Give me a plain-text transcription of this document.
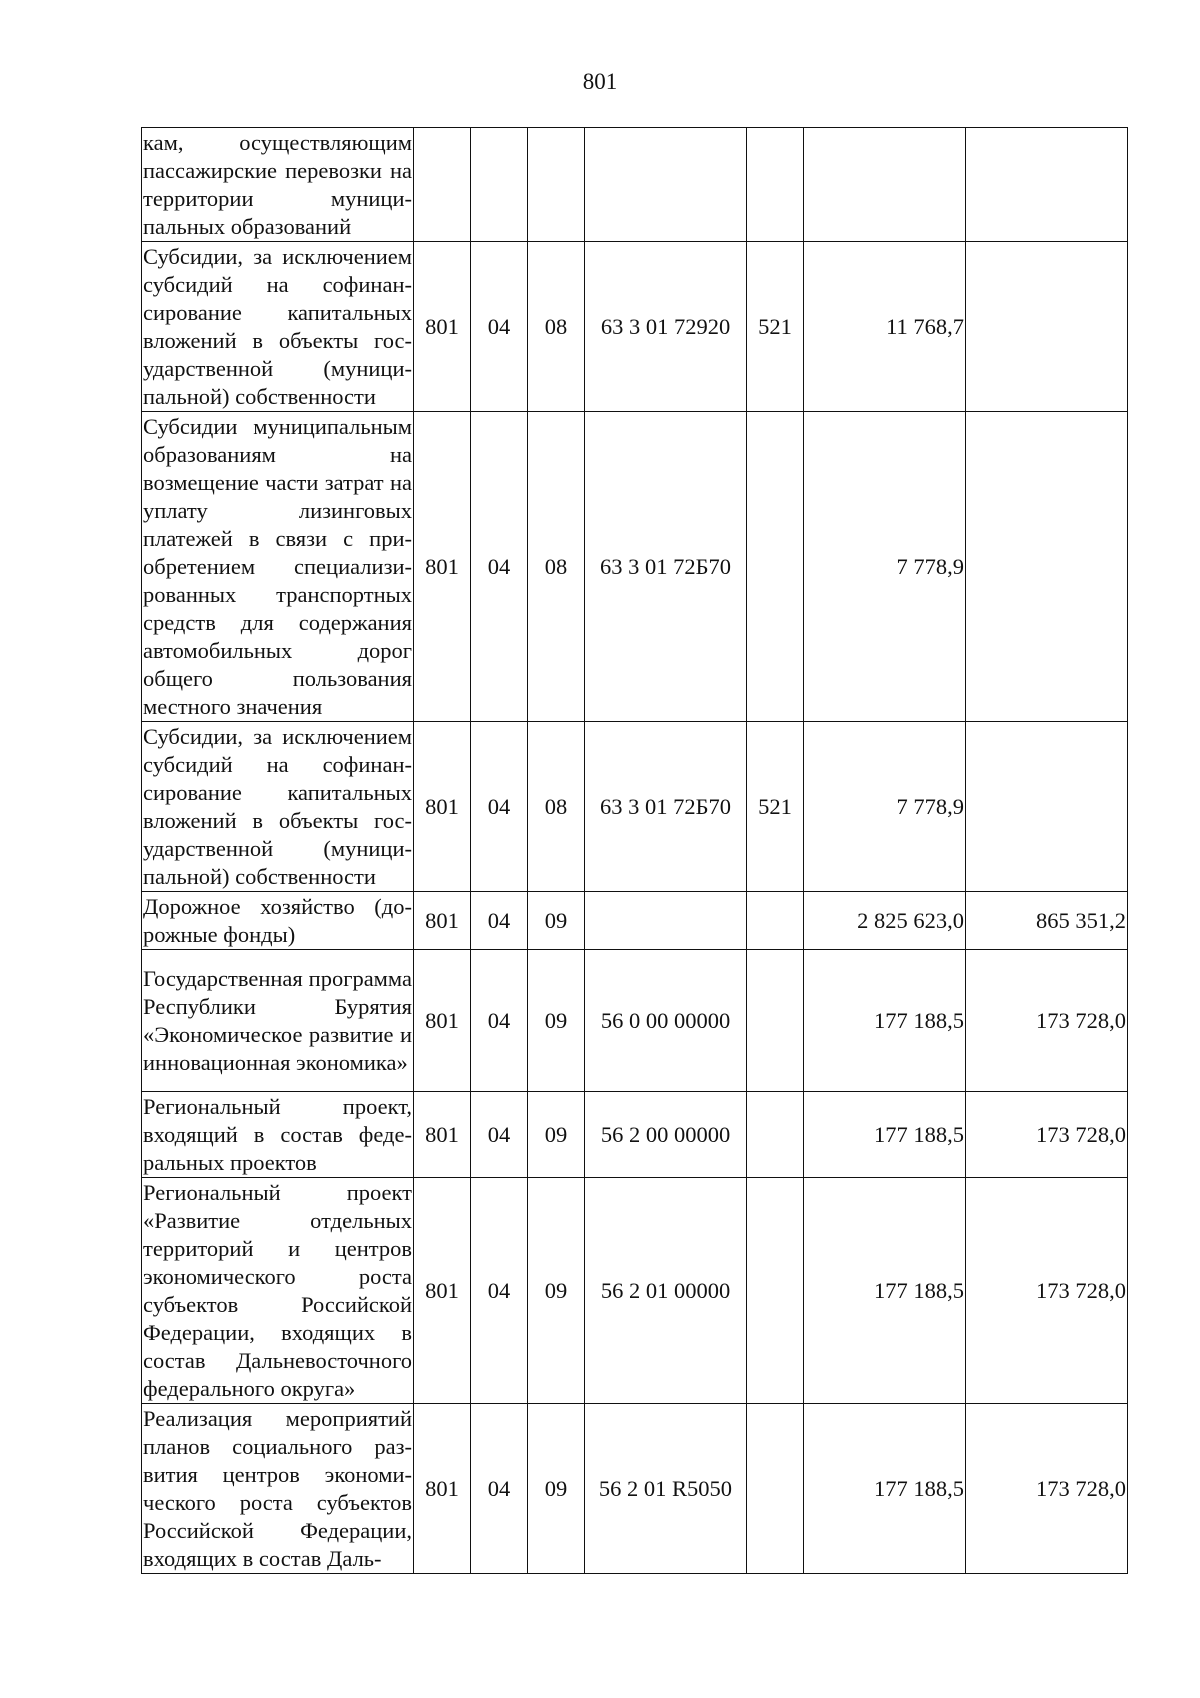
801
кам, осуществляющим пассажирские перевозки на территории муниципальных образований							
Субсидии, за исключением субсидий на софинансирование капитальных вложений в объекты государственной (муниципальной) собственности	801	04	08	63 3 01 72920	521	11 768,7	
Субсидии муниципальным образованиям на возмещение части затрат на уплату лизинговых платежей в связи с приобретением специализированных транспортных средств для содержания автомобильных дорог общего пользования местного значения	801	04	08	63 3 01 72Б70		7 778,9	
Субсидии, за исключением субсидий на софинансирование капитальных вложений в объекты государственной (муниципальной) собственности	801	04	08	63 3 01 72Б70	521	7 778,9	
Дорожное хозяйство (дорожные фонды)	801	04	09			2 825 623,0	865 351,2
Государственная программа Республики Бурятия «Экономическое развитие и инновационная экономика»	801	04	09	56 0 00 00000		177 188,5	173 728,0
Региональный проект, входящий в состав федеральных проектов	801	04	09	56 2 00 00000		177 188,5	173 728,0
Региональный проект «Развитие отдельных территорий и центров экономического роста субъектов Российской Федерации, входящих в состав Дальневосточного федерального округа»	801	04	09	56 2 01 00000		177 188,5	173 728,0
Реализация мероприятий планов социального развития центров экономического роста субъектов Российской Федерации, входящих в состав Даль-	801	04	09	56 2 01 R5050		177 188,5	173 728,0
